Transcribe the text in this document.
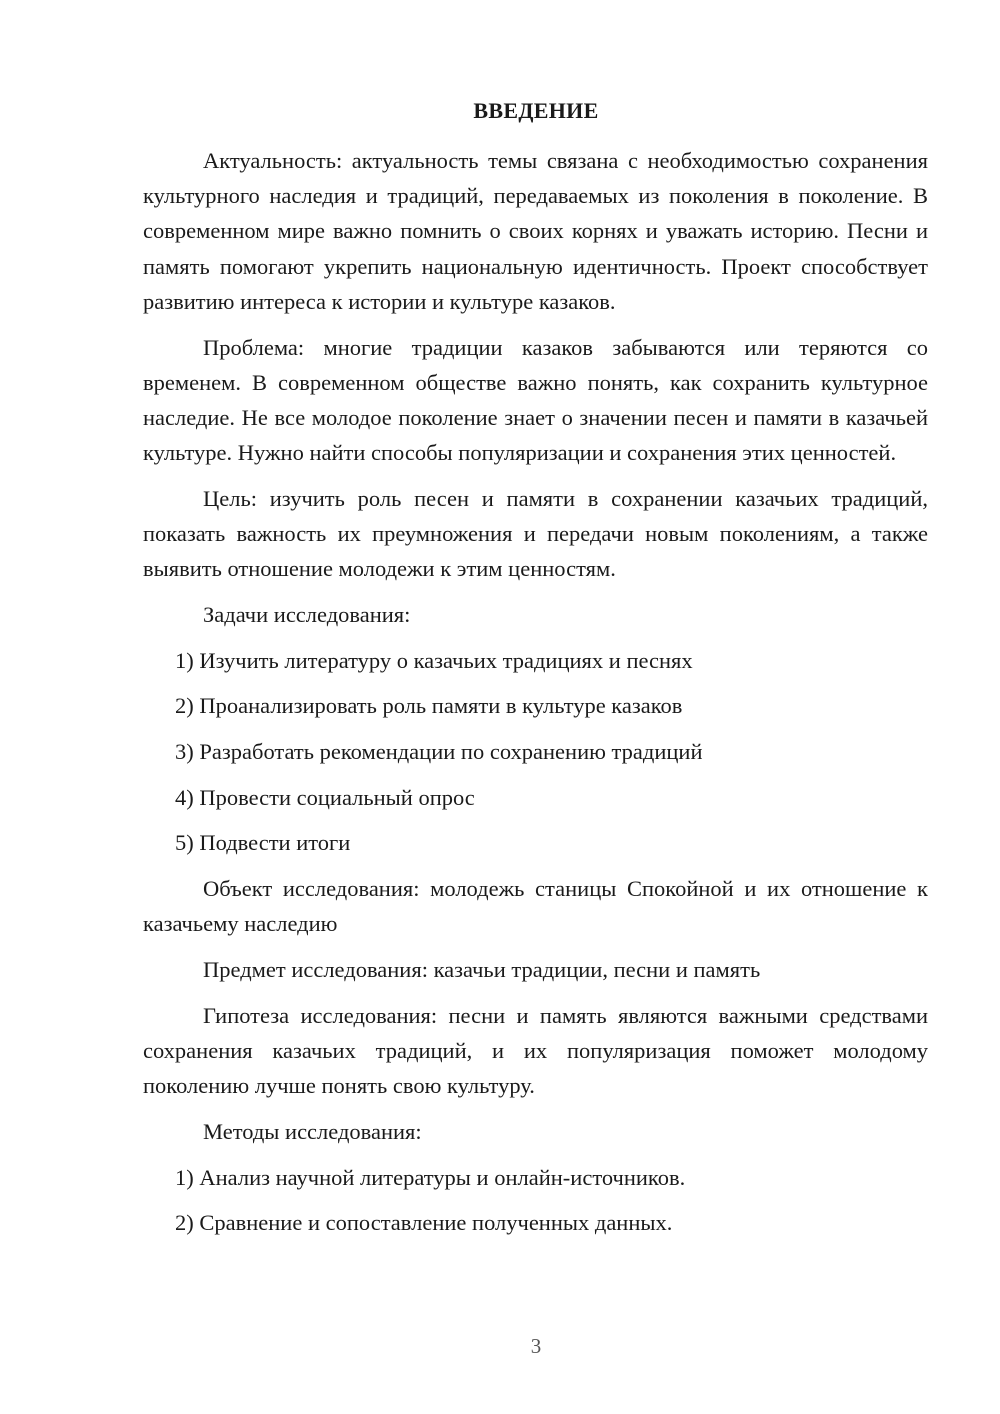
ВВЕДЕНИЕ

Актуальность: актуальность темы связана с необходимостью сохранения культурного наследия и традиций, передаваемых из поколения в поколение. В современном мире важно помнить о своих корнях и уважать историю. Песни и память помогают укрепить национальную идентичность. Проект способствует развитию интереса к истории и культуре казаков.

Проблема: многие традиции казаков забываются или теряются со временем. В современном обществе важно понять, как сохранить культурное наследие. Не все молодое поколение знает о значении песен и памяти в казачьей культуре. Нужно найти способы популяризации и сохранения этих ценностей.

Цель: изучить роль песен и памяти в сохранении казачьих традиций, показать важность их преумножения и передачи новым поколениям, а также выявить отношение молодежи к этим ценностям.

Задачи исследования:

1) Изучить литературу о казачьих традициях и песнях

2) Проанализировать роль памяти в культуре казаков

3) Разработать рекомендации по сохранению традиций

4) Провести социальный опрос

5) Подвести итоги

Объект исследования: молодежь станицы Спокойной и их отношение к казачьему наследию

Предмет исследования: казачьи традиции, песни и память

Гипотеза исследования: песни и память являются важными средствами сохранения казачьих традиций, и их популяризация поможет молодому поколению лучше понять свою культуру.

Методы исследования:

1) Анализ научной литературы и онлайн-источников.

2) Сравнение и сопоставление полученных данных.

3
